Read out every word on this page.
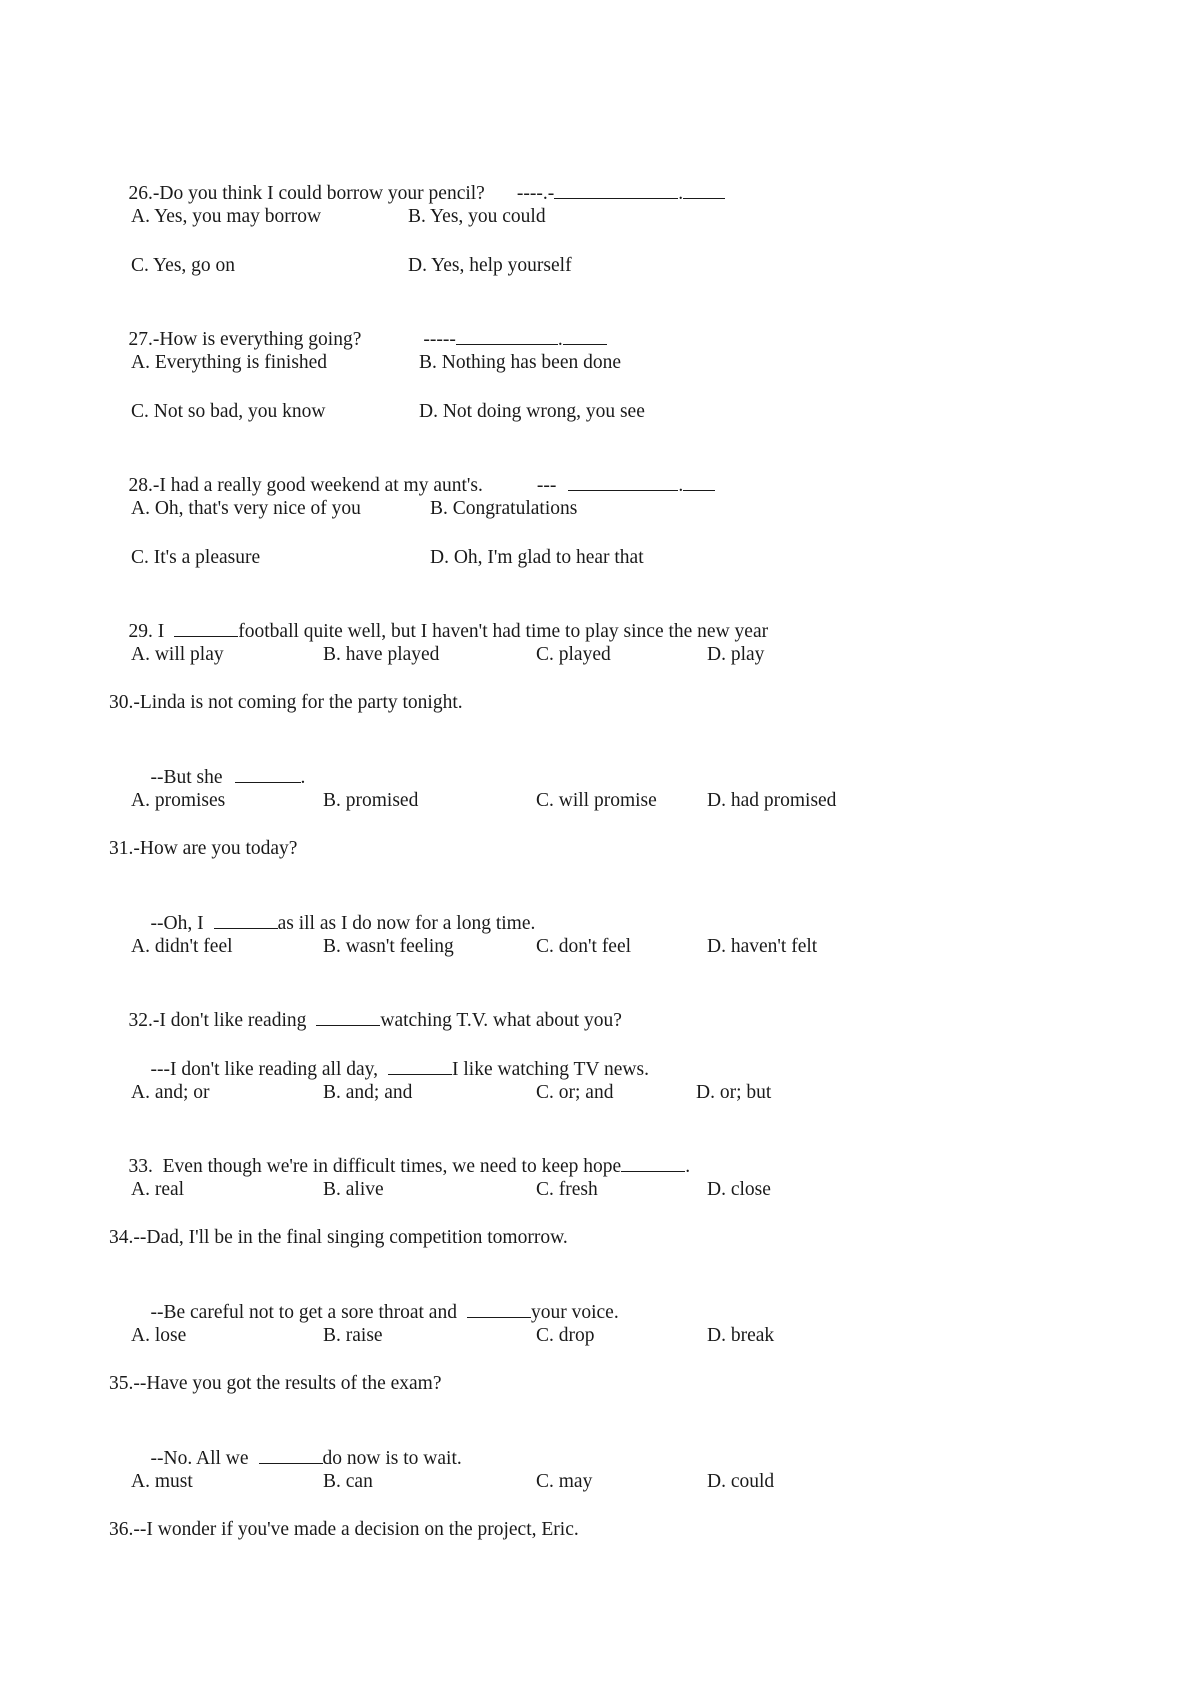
26.-Do you think I could borrow your pencil? ----.-	.

A. Yes, you may borrow	B. Yes, you could
C. Yes, go on	D. Yes, help yourself

27.-How is everything going?	-----	.

A. Everything is finished	B. Nothing has been done
C. Not so bad, you know	D. Not doing wrong, you see

28.-I had a really good weekend at my aunt's.	---	.

A. Oh, that's very nice of you	B. Congratulations
C. It's a pleasure	D. Oh, I'm glad to hear that

29. I	football quite well, but I haven't had time to play since the new year

A. will play	B. have played	C. played	D. play
30.-Linda is not coming for the party tonight.

--But she	.

A. promises	B. promised	C. will promise	D. had promised
31.-How are you today?

--Oh, I	as ill as I do now for a long time.

A. didn't feel	B. wasn't feeling	C. don't feel	D. haven't felt

32.-I don't like reading	watching T.V. what about you?

---I don't like reading all day,	I like watching TV news.

A. and; or	B. and; and	C. or; and	D. or; but

33.  Even though we're in difficult times, we need to keep hope	.

A. real	B. alive	C. fresh	D. close
34.--Dad, I'll be in the final singing competition tomorrow.

--Be careful not to get a sore throat and	your voice.

A. lose	B. raise	C. drop	D. break
35.--Have you got the results of the exam?

--No. All we	do now is to wait.

A. must	B. can	C. may	D. could
36.--I wonder if you've made a decision on the project, Eric.
